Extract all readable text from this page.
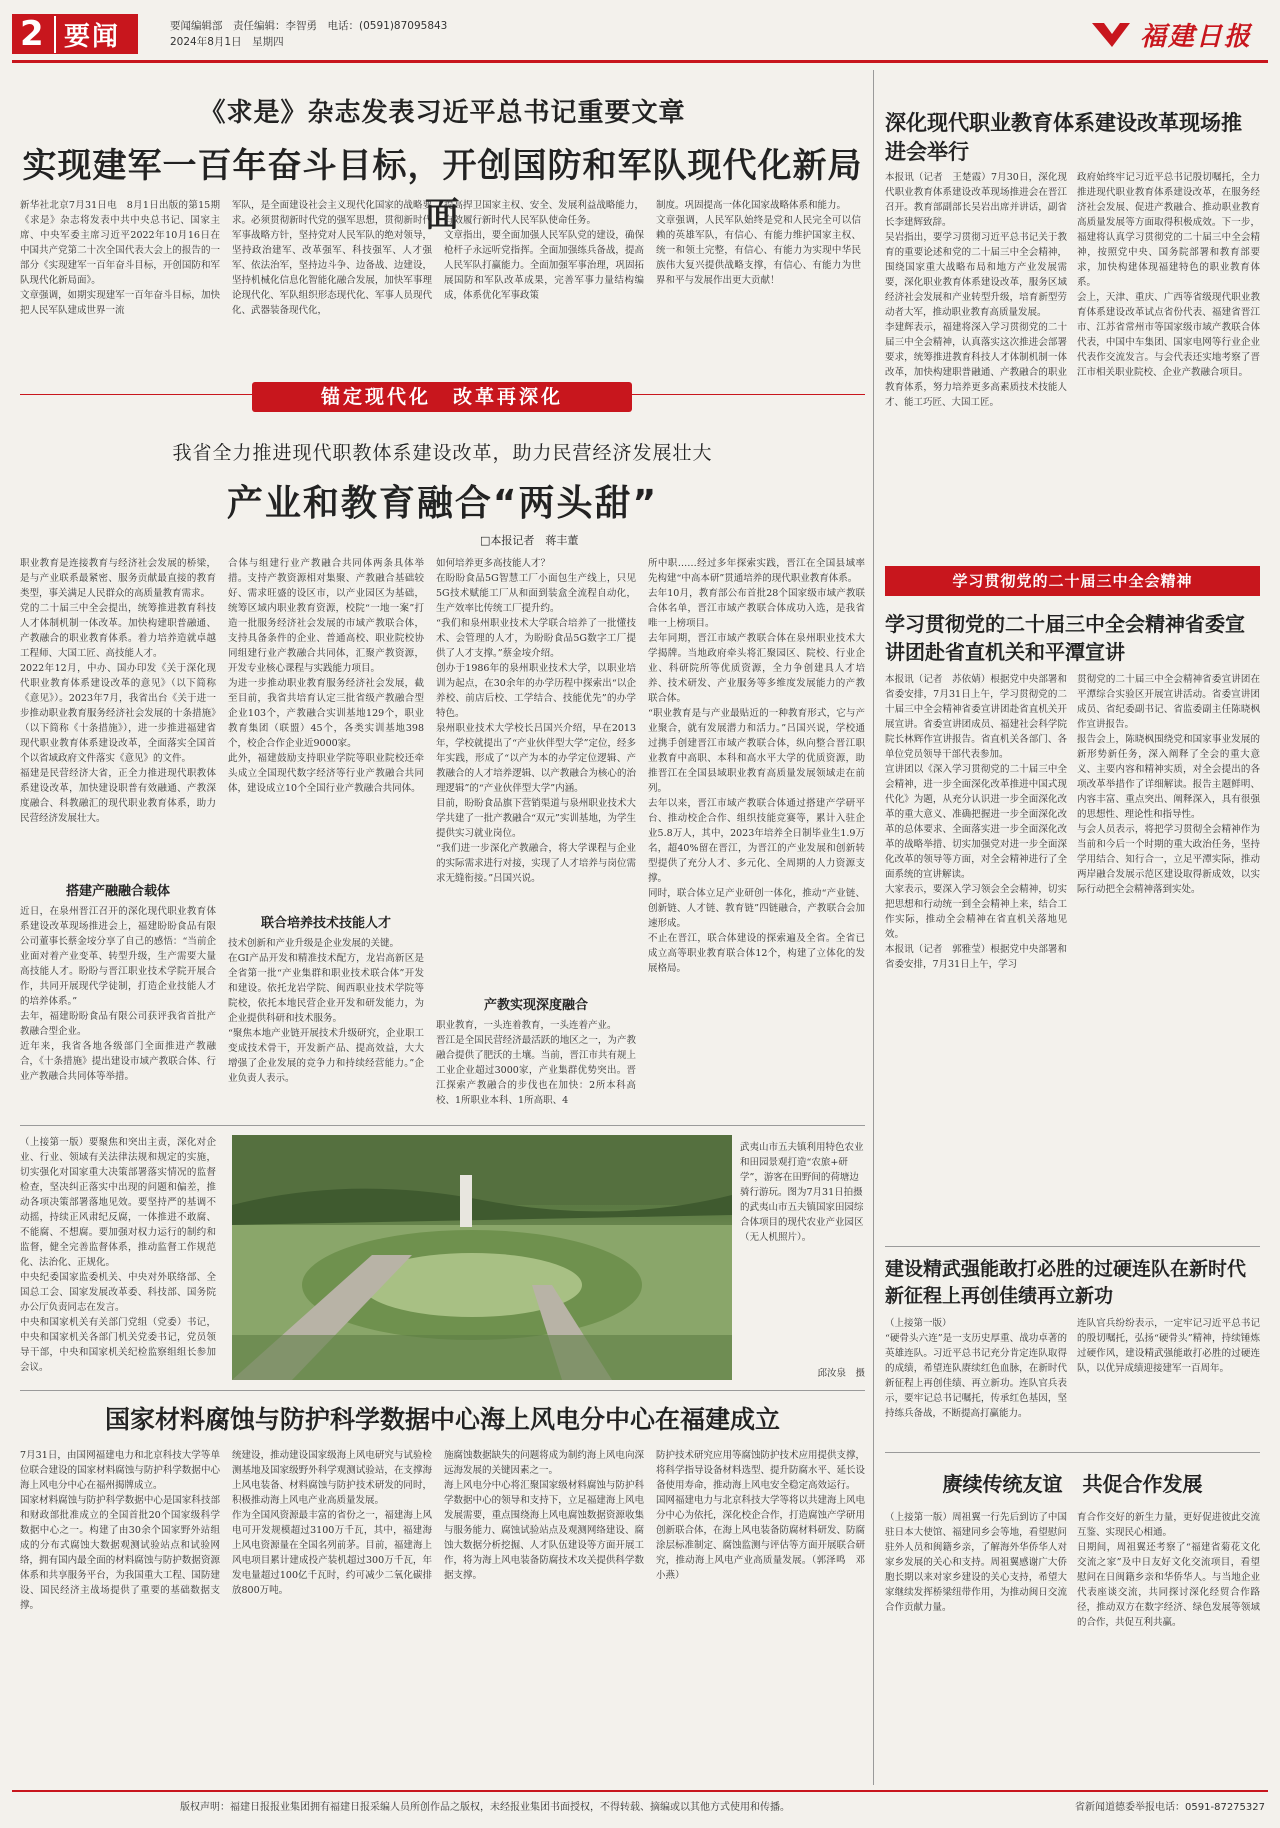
2 要闻	要闻编辑部　责任编辑：李智勇　电话：(0591)87095843
2024年8月1日　星期四	福建日报
《求是》杂志发表习近平总书记重要文章
实现建军一百年奋斗目标，开创国防和军队现代化新局面
新华社北京7月31日电　8月1日出版的第15期《求是》杂志将发表中共中央总书记、国家主席、中央军委主席习近平2022年10月16日在中国共产党第二十次全国代表大会上的报告的一部分《实现建军一百年奋斗目标，开创国防和军队现代化新局面》。
文章强调，如期实现建军一百年奋斗目标，加快把人民军队建成世界一流
军队，是全面建设社会主义现代化国家的战略要求。必须贯彻新时代党的强军思想，贯彻新时代军事战略方针，坚持党对人民军队的绝对领导，坚持政治建军、改革强军、科技强军、人才强军、依法治军，坚持边斗争、边备战、边建设，坚持机械化信息化智能化融合发展，加快军事理论现代化、军队组织形态现代化、军事人员现代化、武器装备现代化，
提高捍卫国家主权、安全、发展利益战略能力，有效履行新时代人民军队使命任务。
文章指出，要全面加强人民军队党的建设，确保枪杆子永远听党指挥。全面加强练兵备战，提高人民军队打赢能力。全面加强军事治理，巩固拓展国防和军队改革成果，完善军事力量结构编成，体系优化军事政策
制度。巩固提高一体化国家战略体系和能力。
文章强调，人民军队始终是党和人民完全可以信赖的英雄军队，有信心、有能力维护国家主权、统一和领土完整，有信心、有能力为实现中华民族伟大复兴提供战略支撑，有信心、有能力为世界和平与发展作出更大贡献！
锚定现代化　改革再深化
我省全力推进现代职教体系建设改革，助力民营经济发展壮大
产业和教育融合“两头甜”
□本报记者　蒋丰董
职业教育是连接教育与经济社会发展的桥梁，是与产业联系最紧密、服务贡献最直接的教育类型，事关满足人民群众的高质量教育需求。
党的二十届三中全会提出，统筹推进教育科技人才体制机制一体改革。加快构建职普融通、产教融合的职业教育体系。着力培养造就卓越工程师、大国工匠、高技能人才。
2022年12月，中办、国办印发《关于深化现代职业教育体系建设改革的意见》（以下简称《意见》）。2023年7月，我省出台《关于进一步推动职业教育服务经济社会发展的十条措施》（以下简称《十条措施》），进一步推进福建省现代职业教育体系建设改革，全面落实全国首个以省域政府文件落实《意见》的文件。
福建是民营经济大省，正全力推进现代职教体系建设改革，加快建设职普有效融通、产教深度融合、科教融汇的现代职业教育体系，助力民营经济发展壮大。
搭建产融融合载体
近日，在泉州晋江召开的深化现代职业教育体系建设改革现场推进会上，福建盼盼食品有限公司董事长蔡金垵分享了自己的感悟：“当前企业面对着产业变革、转型升级，生产需要大量高技能人才。盼盼与晋江职业技术学院开展合作，共同开展现代学徒制，打造企业技能人才的培养体系。”
去年，福建盼盼食品有限公司获评我省首批产教融合型企业。
近年来，我省各地各级部门全面推进产教融合，《十条措施》提出建设市域产教联合体、行业产教融合共同体等举措。
合体与组建行业产教融合共同体两条具体举措。支持产教资源相对集聚、产教融合基础较好、需求旺盛的设区市，以产业园区为基础，统筹区域内职业教育资源，校院“一地一案”打造一批服务经济社会发展的市域产教联合体，支持具备条件的企业、普通高校、职业院校协同组建行业产教融合共同体，汇聚产教资源，开发专业核心课程与实践能力项目。
为进一步推动职业教育服务经济社会发展，截至目前，我省共培育认定三批省级产教融合型企业103个，产教融合实训基地129个，职业教育集团（联盟）45个，各类实训基地398个，校企合作企业近9000家。
此外，福建鼓励支持职业学院等职业院校还牵头成立全国现代数字经济等行业产教融合共同体，建设成立10个全国行业产教融合共同体。
联合培养技术技能人才
技术创新和产业升级是企业发展的关键。
在GI产品开发和精准技术配方，龙岩高新区是全省第一批“产业集群和职业技术联合体”开发和建设。依托龙岩学院、闽西职业技术学院等院校，依托本地民营企业开发和研发能力，为企业提供科研和技术服务。
“聚焦本地产业链开展技术升级研究，企业职工变成技术骨干，开发新产品、提高效益，大大增强了企业发展的竞争力和持续经营能力。”企业负责人表示。
如何培养更多高技能人才？
在盼盼食品5G智慧工厂小面包生产线上，只见5G技术赋能工厂从和面到装盒全流程自动化，生产效率比传统工厂提升约。
“我们和泉州职业技术大学联合培养了一批懂技术、会管理的人才，为盼盼食品5G数字工厂提供了人才支撑。”蔡金垵介绍。
创办于1986年的泉州职业技术大学，以职业培训为起点，在30余年的办学历程中探索出“以企养校、前店后校、工学结合、技能优先”的办学特色。
泉州职业技术大学校长吕国兴介绍，早在2013年，学校就提出了“产业伙伴型大学”定位，经多年实践，形成了“以产为本的办学定位逻辑、产教融合的人才培养逻辑、以产教融合为核心的治理逻辑”的“产业伙伴型大学”内涵。
目前，盼盼食品旗下营销渠道与泉州职业技术大学共建了一批产教融合“双元”实训基地，为学生提供实习就业岗位。
“我们进一步深化产教融合，将大学课程与企业的实际需求进行对接，实现了人才培养与岗位需求无缝衔接。”吕国兴说。
产教实现深度融合
职业教育，一头连着教育，一头连着产业。
晋江是全国民营经济最活跃的地区之一，为产教融合提供了肥沃的土壤。当前，晋江市共有规上工业企业超过3000家，产业集群优势突出。晋江探索产教融合的步伐也在加快：2所本科高校、1所职业本科、1所高职、4
所中职……经过多年探索实践，晋江在全国县域率先构建“中高本研”贯通培养的现代职业教育体系。
去年10月，教育部公布首批28个国家级市域产教联合体名单，晋江市域产教联合体成功入选，是我省唯一上榜项目。
去年同期，晋江市域产教联合体在泉州职业技术大学揭牌。当地政府牵头将汇聚园区、院校、行业企业、科研院所等优质资源，全力争创建具人才培养、技术研发、产业服务等多维度发展能力的产教联合体。
“职业教育是与产业最贴近的一种教育形式，它与产业聚合，就有发展潜力和活力。”吕国兴说，学校通过携手创建晋江市域产教联合体，纵向整合晋江职业教育中高职、本科和高水平大学的优质资源，助推晋江在全国县域职业教育高质量发展领域走在前列。
去年以来，晋江市域产教联合体通过搭建产学研平台、推动校企合作、组织技能竞赛等，累计入驻企业5.8万人，其中，2023年培养全日制毕业生1.9万名，超40%留在晋江，为晋江的产业发展和创新转型提供了充分人才、多元化、全周期的人力资源支撑。
同时，联合体立足产业研创一体化，推动“产业链、创新链、人才链、教育链”四链融合，产教联合会加速形成。
不止在晋江，联合体建设的探索遍及全省。全省已成立高等职业教育联合体12个，构建了立体化的发展格局。
（上接第一版）要聚焦和突出主责，深化对企业、行业、领域有关法律法规和规定的实施，切实强化对国家重大决策部署落实情况的监督检查，坚决纠正落实中出现的问题和偏差，推动各项决策部署落地见效。要坚持严的基调不动摇，持续正风肃纪反腐，一体推进不敢腐、不能腐、不想腐。要加强对权力运行的制约和监督，健全完善监督体系，推动监督工作规范化、法治化、正规化。
中央纪委国家监委机关、中央对外联络部、全国总工会、国家发展改革委、科技部、国务院办公厅负责同志在发言。
中央和国家机关有关部门党组（党委）书记，中央和国家机关各部门机关党委书记，党员领导干部，中央和国家机关纪检监察组组长参加会议。
武夷山市五夫镇利用特色农业和田园景观打造“农旅+研学”，游客在田野间的荷塘边骑行游玩。图为7月31日拍摄的武夷山市五夫镇国家田园综合体项目的现代农业产业园区（无人机照片）。
邱汝泉　摄
国家材料腐蚀与防护科学数据中心海上风电分中心在福建成立
7月31日，由国网福建电力和北京科技大学等单位联合建设的国家材料腐蚀与防护科学数据中心海上风电分中心在福州揭牌成立。
国家材料腐蚀与防护科学数据中心是国家科技部和财政部批准成立的全国首批20个国家级科学数据中心之一。构建了由30余个国家野外站组成的分布式腐蚀大数据观测试验站点和试验网络，拥有国内最全面的材料腐蚀与防护数据资源体系和共享服务平台，为我国重大工程、国防建设、国民经济主战场提供了重要的基础数据支撑。
统建设，推动建设国家级海上风电研究与试验检测基地及国家级野外科学观测试验站，在支撑海上风电装备、材料腐蚀与防护技术研发的同时，积极推动海上风电产业高质量发展。
作为全国风资源最丰富的省份之一，福建海上风电可开发规模超过3100万千瓦，其中，福建海上风电资源量在全国名列前茅。目前，福建海上风电项目累计建成投产装机超过300万千瓦，年发电量超过100亿千瓦时，约可减少二氧化碳排放800万吨。
施腐蚀数据缺失的问题将成为制约海上风电向深远海发展的关键因素之一。
海上风电分中心将汇聚国家级材料腐蚀与防护科学数据中心的领导和支持下，立足福建海上风电发展需要，重点围绕海上风电腐蚀数据资源收集与服务能力、腐蚀试验站点及观测网络建设、腐蚀大数据分析挖掘、人才队伍建设等方面开展工作，将为海上风电装备防腐技术攻关提供科学数据支撑。
防护技术研究应用等腐蚀防护技术应用提供支撑，将科学指导设备材料选型、提升防腐水平、延长设备使用寿命，推动海上风电安全稳定高效运行。
国网福建电力与北京科技大学等将以共建海上风电分中心为依托，深化校企合作，打造腐蚀产学研用创新联合体，在海上风电装备防腐材料研发、防腐涂层标准制定、腐蚀监测与评估等方面开展联合研究，推动海上风电产业高质量发展。（郭泽鸣　邓小燕）
深化现代职业教育体系建设改革现场推进会举行
本报讯（记者　王楚霞）7月30日，深化现代职业教育体系建设改革现场推进会在晋江召开。教育部副部长吴岩出席并讲话，副省长李建辉致辞。
吴岩指出，要学习贯彻习近平总书记关于教育的重要论述和党的二十届三中全会精神，围绕国家重大战略布局和地方产业发展需要，深化职业教育体系建设改革，服务区域经济社会发展和产业转型升级，培育新型劳动者大军，推动职业教育高质量发展。
李建辉表示，福建将深入学习贯彻党的二十届三中全会精神，认真落实这次推进会部署要求，统筹推进教育科技人才体制机制一体改革，加快构建职普融通、产教融合的职业教育体系，努力培养更多高素质技术技能人才、能工巧匠、大国工匠。
政府始终牢记习近平总书记殷切嘱托，全力推进现代职业教育体系建设改革，在服务经济社会发展、促进产教融合、推动职业教育高质量发展等方面取得积极成效。下一步，福建将认真学习贯彻党的二十届三中全会精神，按照党中央、国务院部署和教育部要求，加快构建体现福建特色的职业教育体系。
会上，天津、重庆、广西等省级现代职业教育体系建设改革试点省份代表、福建省晋江市、江苏省常州市等国家级市域产教联合体代表，中国中车集团、国家电网等行业企业代表作交流发言。与会代表还实地考察了晋江市相关职业院校、企业产教融合项目。
学习贯彻党的二十届三中全会精神
学习贯彻党的二十届三中全会精神省委宣讲团赴省直机关和平潭宣讲
本报讯（记者　苏依婧）根据党中央部署和省委安排，7月31日上午，学习贯彻党的二十届三中全会精神省委宣讲团赴省直机关开展宣讲。省委宣讲团成员、福建社会科学院院长林辉作宣讲报告。省直机关各部门、各单位党员领导干部代表参加。
宣讲团以《深入学习贯彻党的二十届三中全会精神，进一步全面深化改革推进中国式现代化》为题，从充分认识进一步全面深化改革的重大意义、准确把握进一步全面深化改革的总体要求、全面落实进一步全面深化改革的战略举措、切实加强党对进一步全面深化改革的领导等方面，对全会精神进行了全面系统的宣讲解读。
大家表示，要深入学习领会全会精神，切实把思想和行动统一到全会精神上来，结合工作实际，推动全会精神在省直机关落地见效。
本报讯（记者　郭雅莹）根据党中央部署和省委安排，7月31日上午，学习
贯彻党的二十届三中全会精神省委宣讲团在平潭综合实验区开展宣讲活动。省委宣讲团成员、省纪委副书记、省监委副主任陈晓枫作宣讲报告。
报告会上，陈晓枫围绕党和国家事业发展的新形势新任务，深入阐释了全会的重大意义、主要内容和精神实质，对全会提出的各项改革举措作了详细解读。报告主题鲜明、内容丰富、重点突出、阐释深入，具有很强的思想性、理论性和指导性。
与会人员表示，将把学习贯彻全会精神作为当前和今后一个时期的重大政治任务，坚持学用结合、知行合一，立足平潭实际，推动两岸融合发展示范区建设取得新成效，以实际行动把全会精神落到实处。
建设精武强能敢打必胜的过硬连队在新时代新征程上再创佳绩再立新功
（上接第一版）
“硬骨头六连”是一支历史厚重、战功卓著的英雄连队。习近平总书记充分肯定连队取得的成绩，希望连队赓续红色血脉，在新时代新征程上再创佳绩、再立新功。连队官兵表示，要牢记总书记嘱托，传承红色基因，坚持练兵备战，不断提高打赢能力。
连队官兵纷纷表示，一定牢记习近平总书记的殷切嘱托，弘扬“硬骨头”精神，持续锤炼过硬作风，建设精武强能敢打必胜的过硬连队，以优异成绩迎接建军一百周年。
赓续传统友谊　共促合作发展
（上接第一版）周祖翼一行先后到访了中国驻日本大使馆、福建同乡会等地，看望慰问驻外人员和闽籍乡亲，了解海外华侨华人对家乡发展的关心和支持。周祖翼感谢广大侨胞长期以来对家乡建设的关心支持，希望大家继续发挥桥梁纽带作用，为推动闽日交流合作贡献力量。
育合作交好的新生力量，更好促进彼此交流互鉴、实现民心相通。
日期间，周祖翼还考察了“福建省菊花文化交流之家”及中日友好文化交流项目，看望慰问在日闽籍乡亲和华侨华人。与当地企业代表座谈交流，共同探讨深化经贸合作路径，推动双方在数字经济、绿色发展等领域的合作，共促互利共赢。
版权声明：福建日报报业集团拥有福建日报采编人员所创作品之版权，未经报业集团书面授权，不得转载、摘编或以其他方式使用和传播。	省新闻道德委举报电话：0591-87275327
